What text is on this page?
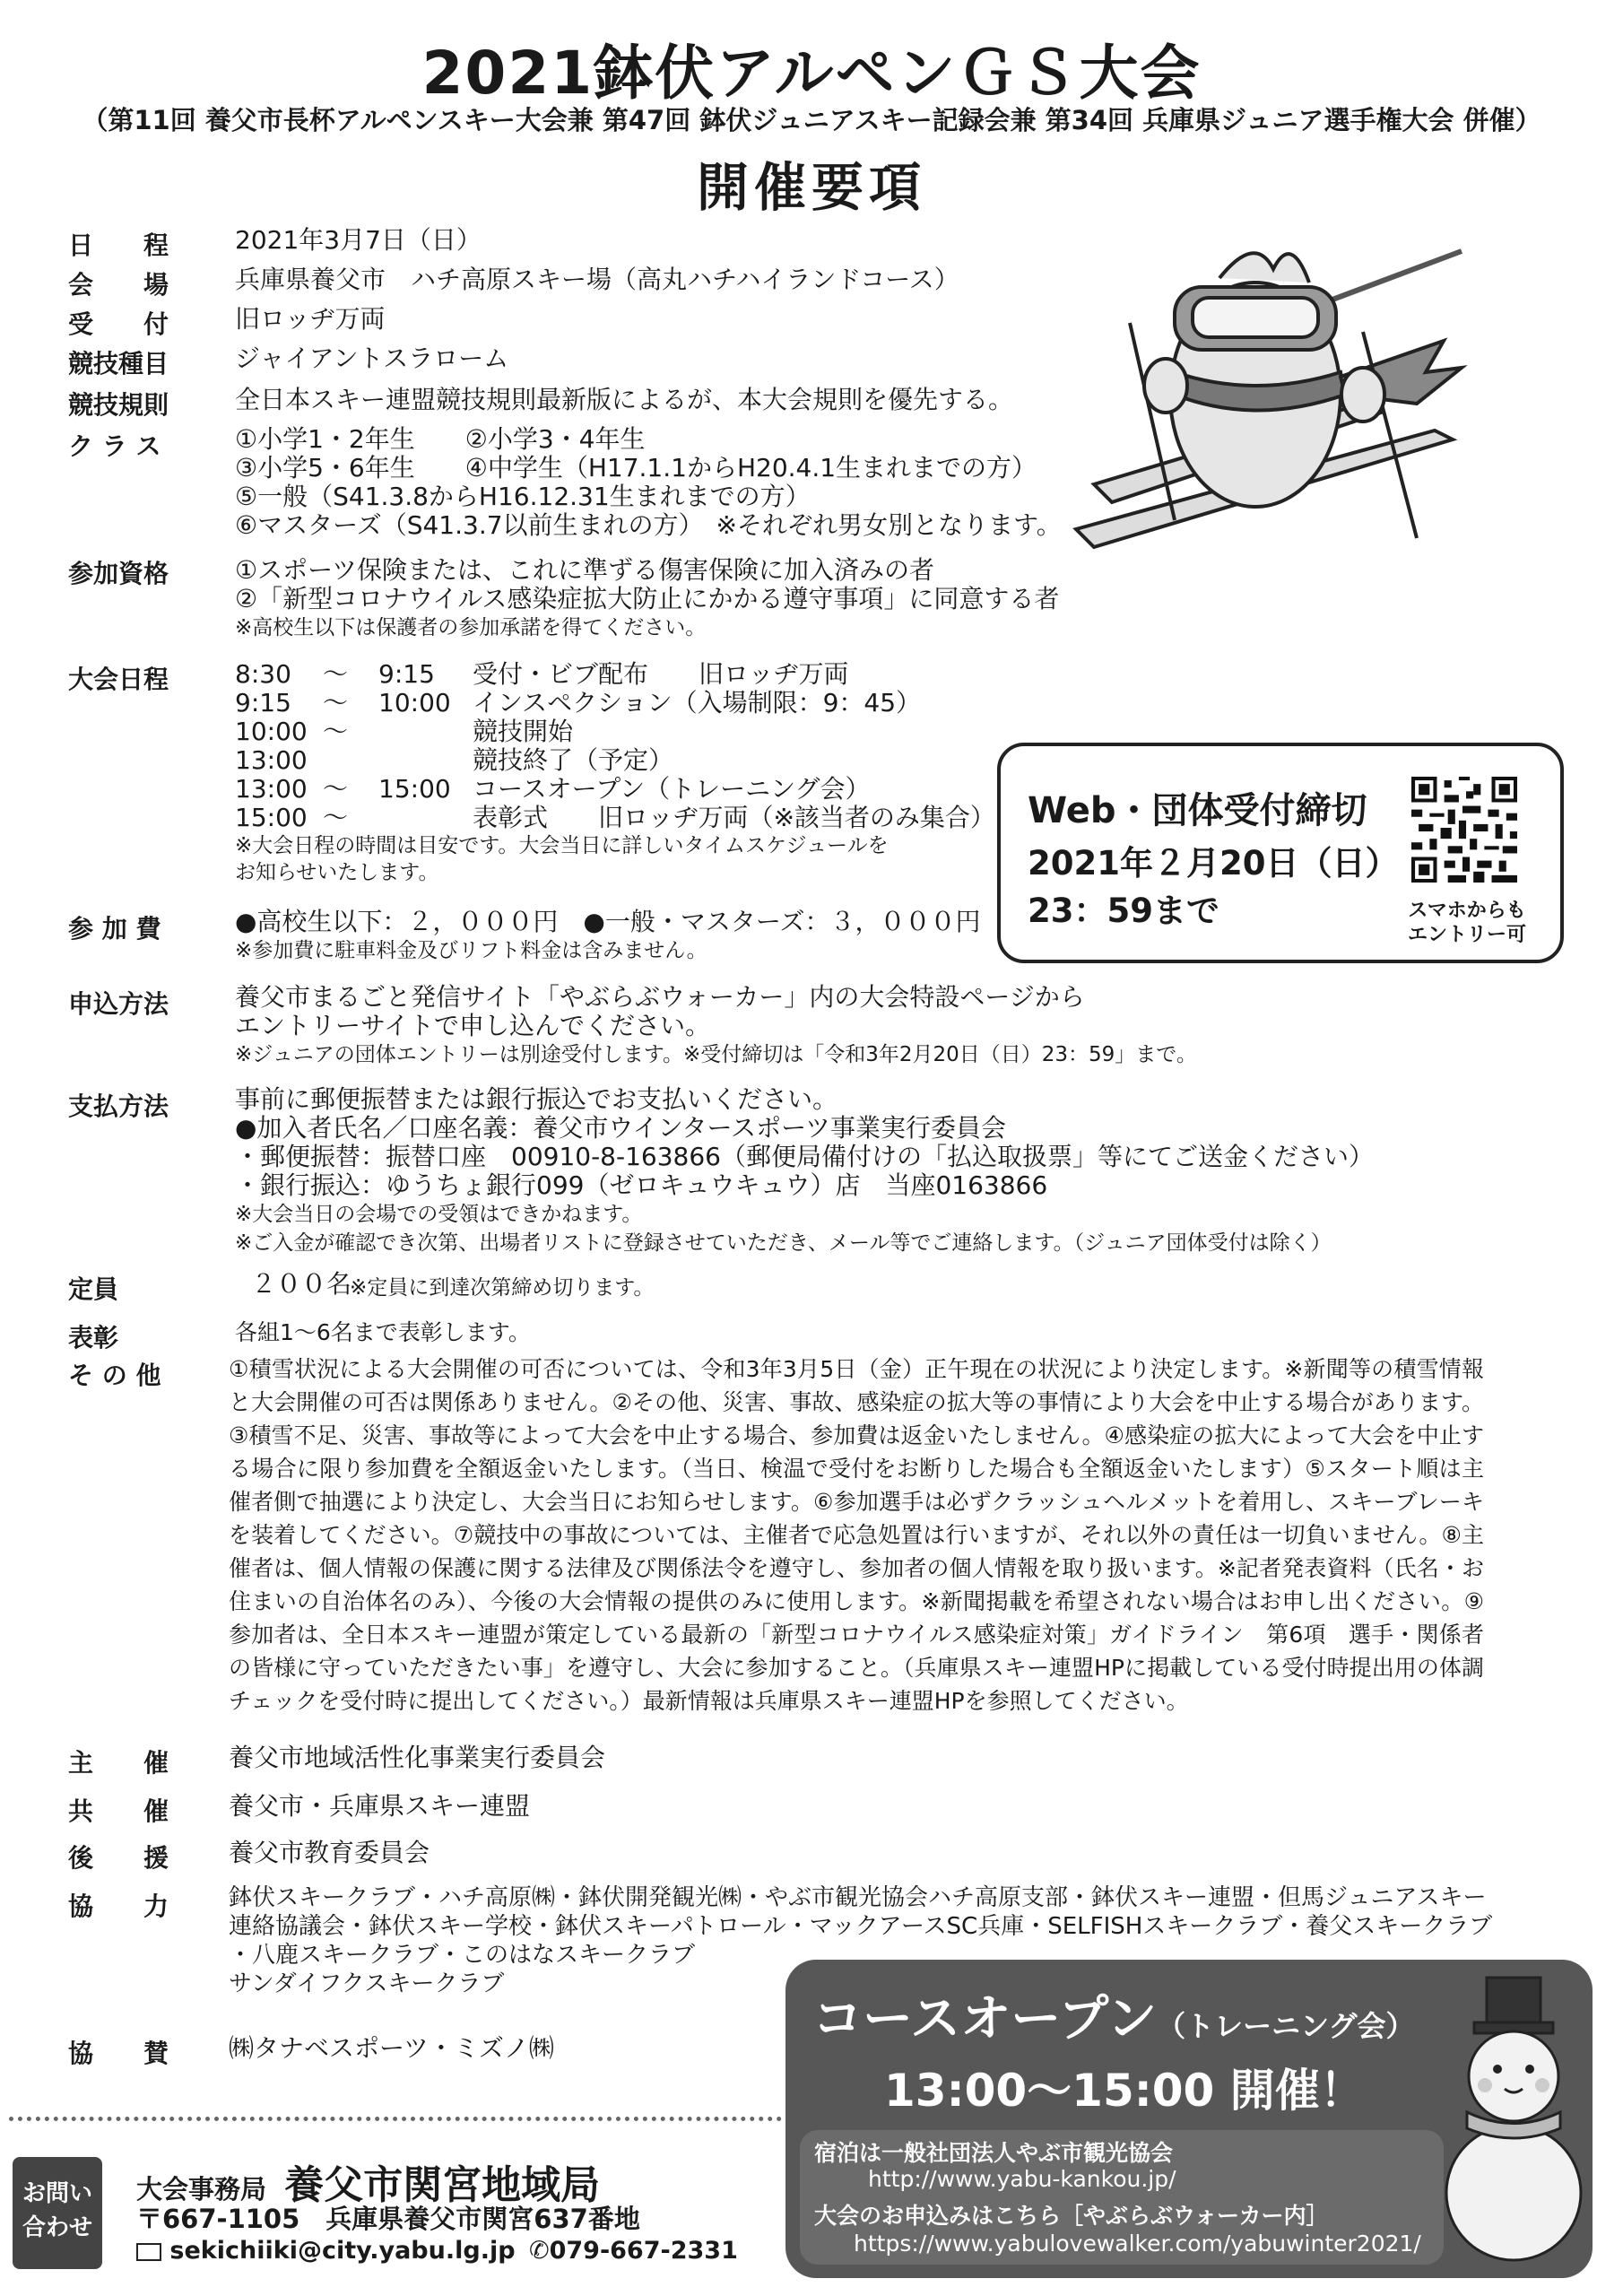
2021鉢伏アルペンＧＳ大会
（第11回 養父市長杯アルペンスキー大会兼 第47回 鉢伏ジュニアスキー記録会兼 第34回 兵庫県ジュニア選手権大会 併催）
開催要項
日　　程	2021年3月7日（日）
会　　場	兵庫県養父市　ハチ高原スキー場（高丸ハチハイランドコース）
受　　付	旧ロッヂ万両
競技種目	ジャイアントスラローム
競技規則	全日本スキー連盟競技規則最新版によるが、本大会規則を優先する。
ク ラ ス	①小学1・2年生　　②小学3・4年生
③小学5・6年生　　④中学生（H17.1.1からH20.4.1生まれまでの方）
⑤一般（S41.3.8からH16.12.31生まれまでの方）
⑥マスターズ（S41.3.7以前生まれの方）　※それぞれ男女別となります。
参加資格	①スポーツ保険または、これに準ずる傷害保険に加入済みの者
②「新型コロナウイルス感染症拡大防止にかかる遵守事項」に同意する者
※高校生以下は保護者の参加承諾を得てください。
大会日程	8:30 ～ 9:15 受付・ビブ配布　　旧ロッヂ万両
9:15 ～ 10:00 インスペクション（入場制限：9：45）
10:00 ～	競技開始
13:00	競技終了（予定）
13:00 ～ 15:00 コースオープン（トレーニング会）
15:00 ～	表彰式　　旧ロッヂ万両（※該当者のみ集合）
※大会日程の時間は目安です。大会当日に詳しいタイムスケジュールを
お知らせいたします。
Web・団体受付締切
2021年２月20日（日）
23：59まで	スマホからも
エントリー可
参 加 費	●高校生以下：２，０００円　●一般・マスターズ：３，０００円
※参加費に駐車料金及びリフト料金は含みません。
申込方法	養父市まるごと発信サイト「やぶらぶウォーカー」内の大会特設ページから
エントリーサイトで申し込んでください。
※ジュニアの団体エントリーは別途受付します。※受付締切は「令和3年2月20日（日）23：59」まで。
支払方法	事前に郵便振替または銀行振込でお支払いください。
●加入者氏名／口座名義：養父市ウインタースポーツ事業実行委員会
・郵便振替：振替口座　00910-8-163866（郵便局備付けの「払込取扱票」等にてご送金ください）
・銀行振込：ゆうちょ銀行099（ゼロキュウキュウ）店　当座0163866
※大会当日の会場での受領はできかねます。
※ご入金が確認でき次第、出場者リストに登録させていただき、メール等でご連絡します。（ジュニア団体受付は除く）
定員	２００名
※定員に到達次第締め切ります。
表彰	各組1～6名まで表彰します。
そ の 他	①積雪状況による大会開催の可否については、令和3年3月5日（金）正午現在の状況により決定します。※新聞等の積雪情報と大会開催の可否は関係ありません。②その他、災害、事故、感染症の拡大等の事情により大会を中止する場合があります。③積雪不足、災害、事故等によって大会を中止する場合、参加費は返金いたしません。④感染症の拡大によって大会を中止する場合に限り参加費を全額返金いたします。（当日、検温で受付をお断りした場合も全額返金いたします）⑤スタート順は主催者側で抽選により決定し、大会当日にお知らせします。⑥参加選手は必ずクラッシュヘルメットを着用し、スキーブレーキを装着してください。⑦競技中の事故については、主催者で応急処置は行いますが、それ以外の責任は一切負いません。⑧主催者は、個人情報の保護に関する法律及び関係法令を遵守し、参加者の個人情報を取り扱います。※記者発表資料（氏名・お住まいの自治体名のみ）、今後の大会情報の提供のみに使用します。※新聞掲載を希望されない場合はお申し出ください。⑨参加者は、全日本スキー連盟が策定している最新の「新型コロナウイルス感染症対策」ガイドライン　第6項　選手・関係者の皆様に守っていただきたい事」を遵守し、大会に参加すること。（兵庫県スキー連盟HPに掲載している受付時提出用の体調チェックを受付時に提出してください。）最新情報は兵庫県スキー連盟HPを参照してください。
主　　催	養父市地域活性化事業実行委員会
共　　催	養父市・兵庫県スキー連盟
後　　援	養父市教育委員会
協　　力	鉢伏スキークラブ・ハチ高原㈱・鉢伏開発観光㈱・やぶ市観光協会ハチ高原支部・鉢伏スキー連盟・但馬ジュニアスキー
連絡協議会・鉢伏スキー学校・鉢伏スキーパトロール・マックアースSC兵庫・SELFISHスキークラブ・養父スキークラブ
・八鹿スキークラブ・このはなスキークラブ
サンダイフクスキークラブ
協　　賛	㈱タナベスポーツ・ミズノ㈱
お問い
合わせ
大会事務局 養父市関宮地域局
〒667-1105　兵庫県養父市関宮637番地
sekichiiki@city.yabu.lg.jp ✆079-667-2331
コースオープン（トレーニング会）
13:00～15:00 開催！
宿泊は一般社団法人やぶ市観光協会
http://www.yabu-kankou.jp/
大会のお申込みはこちら［やぶらぶウォーカー内］
https://www.yabulovewalker.com/yabuwinter2021/
